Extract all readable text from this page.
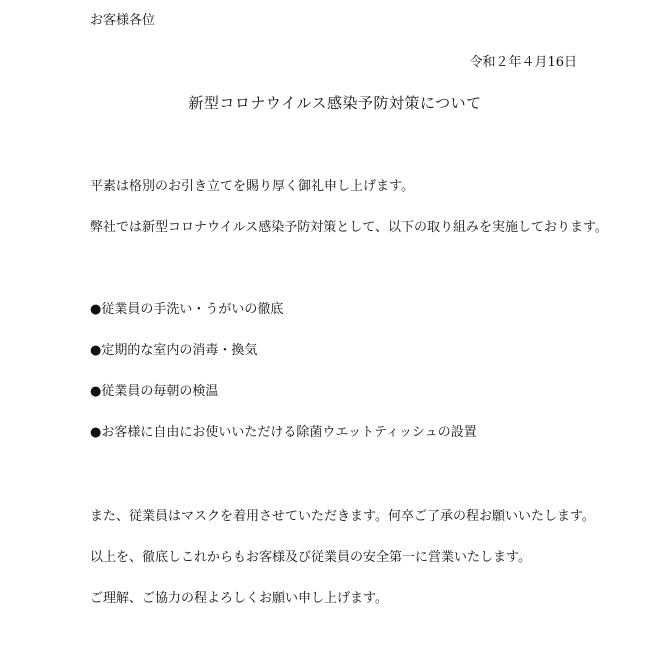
お客様各位

令和２年４月16日

新型コロナウイルス感染予防対策について

平素は格別のお引き立てを賜り厚く御礼申し上げます。

弊社では新型コロナウイルス感染予防対策として、以下の取り組みを実施しております。

●従業員の手洗い・うがいの徹底

●定期的な室内の消毒・換気

●従業員の毎朝の検温

●お客様に自由にお使いいただける除菌ウエットティッシュの設置

また、従業員はマスクを着用させていただきます。何卒ご了承の程お願いいたします。

以上を、徹底しこれからもお客様及び従業員の安全第一に営業いたします。

ご理解、ご協力の程よろしくお願い申し上げます。
